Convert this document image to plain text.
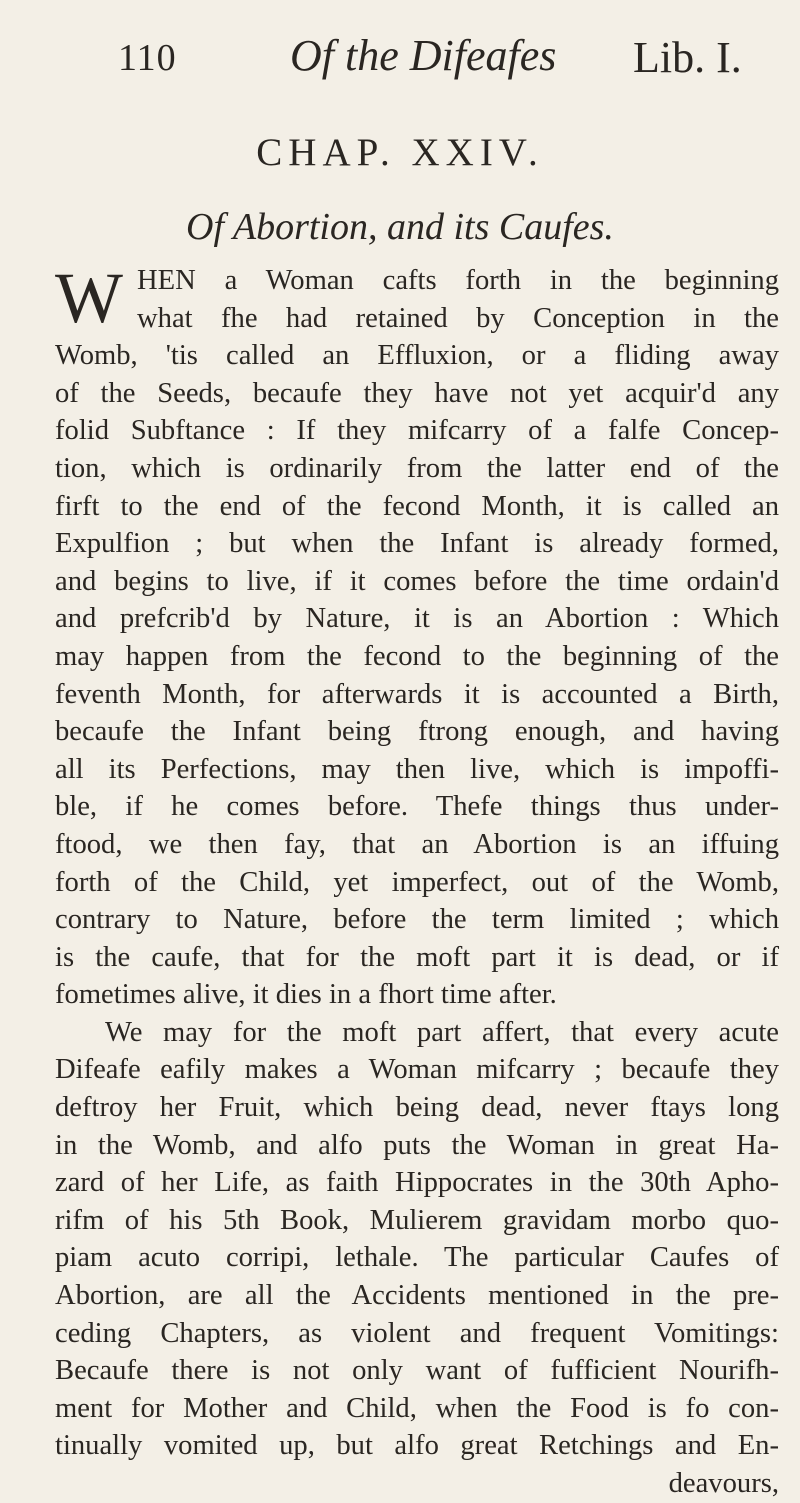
110	Of the Difeafes Lib. I.
CHAP. XXIV.
Of Abortion, and its Caufes.
W HEN a Woman cafts forth in the beginning
what fhe had retained by Conception in the
Womb, 'tis called an Effluxion, or a fliding away
of the Seeds, becaufe they have not yet acquir'd any
folid Subftance : If they mifcarry of a falfe Concep-
tion, which is ordinarily from the latter end of the
firft to the end of the fecond Month, it is called an
Expulfion ; but when the Infant is already formed,
and begins to live, if it comes before the time ordain'd
and prefcrib'd by Nature, it is an Abortion : Which
may happen from the fecond to the beginning of the
feventh Month, for afterwards it is accounted a Birth,
becaufe the Infant being ftrong enough, and having
all its Perfections, may then live, which is impoffi-
ble, if he comes before. Thefe things thus under-
ftood, we then fay, that an Abortion is an iffuing
forth of the Child, yet imperfect, out of the Womb,
contrary to Nature, before the term limited ; which
is the caufe, that for the moft part it is dead, or if
fometimes alive, it dies in a fhort time after.
We may for the moft part affert, that every acute
Difeafe eafily makes a Woman mifcarry ; becaufe they
deftroy her Fruit, which being dead, never ftays long
in the Womb, and alfo puts the Woman in great Ha-
zard of her Life, as faith Hippocrates in the 30th Apho-
rifm of his 5th Book, Mulierem gravidam morbo quo-
piam acuto corripi, lethale. The particular Caufes of
Abortion, are all the Accidents mentioned in the pre-
ceding Chapters, as violent and frequent Vomitings:
Becaufe there is not only want of fufficient Nourifh-
ment for Mother and Child, when the Food is fo con-
tinually vomited up, but alfo great Retchings and En-
deavours,
